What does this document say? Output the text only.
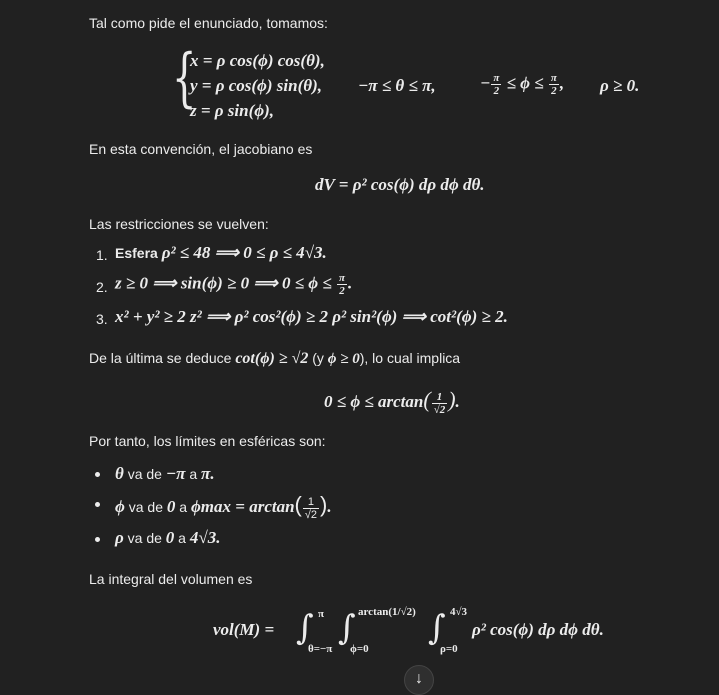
Tal como pide el enunciado, tomamos:
{
x = ρ cos(ϕ) cos(θ),
y = ρ cos(ϕ) sin(θ),
z = ρ sin(ϕ),
−π ≤ θ ≤ π,	− $\frac{\pi}{2} \le \phi \le \frac{\pi}{2}$ , ρ ≥ 0.
En esta convención, el jacobiano es
dV = ρ² cos(ϕ) dρ dϕ dθ.
Las restricciones se vuelven:
1. Esfera ρ² ≤ 48 ⟹ 0 ≤ ρ ≤ 4√3.
2. z ≥ 0 ⟹ sin(ϕ) ≥ 0 ⟹ $0 \le \phi \le \frac{\pi}{2}$ .
3. x² + y² ≥ 2 z² ⟹ ρ² cos²(ϕ) ≥ 2 ρ² sin²(ϕ) ⟹ cot²(ϕ) ≥ 2.
De la última se deduce cot(ϕ) ≥ √2 (y ϕ ≥ 0), lo cual implica
$0 \le \phi \le \arctan( \frac{1}{√2}$ ).
Por tanto, los límites en esféricas son:
θ va de −π a π.
ϕ va de 0 a $\phi\max = \arctan( \frac{1}{√2}$ ).
ρ va de 0 a 4√3.
La integral del volumen es
vol(M) = ∫ π
θ=−π
∫ arctan(1/√2)
ϕ=0
∫ 4√3
ρ=0
ρ² cos(ϕ) dρ dϕ dθ.
↓
